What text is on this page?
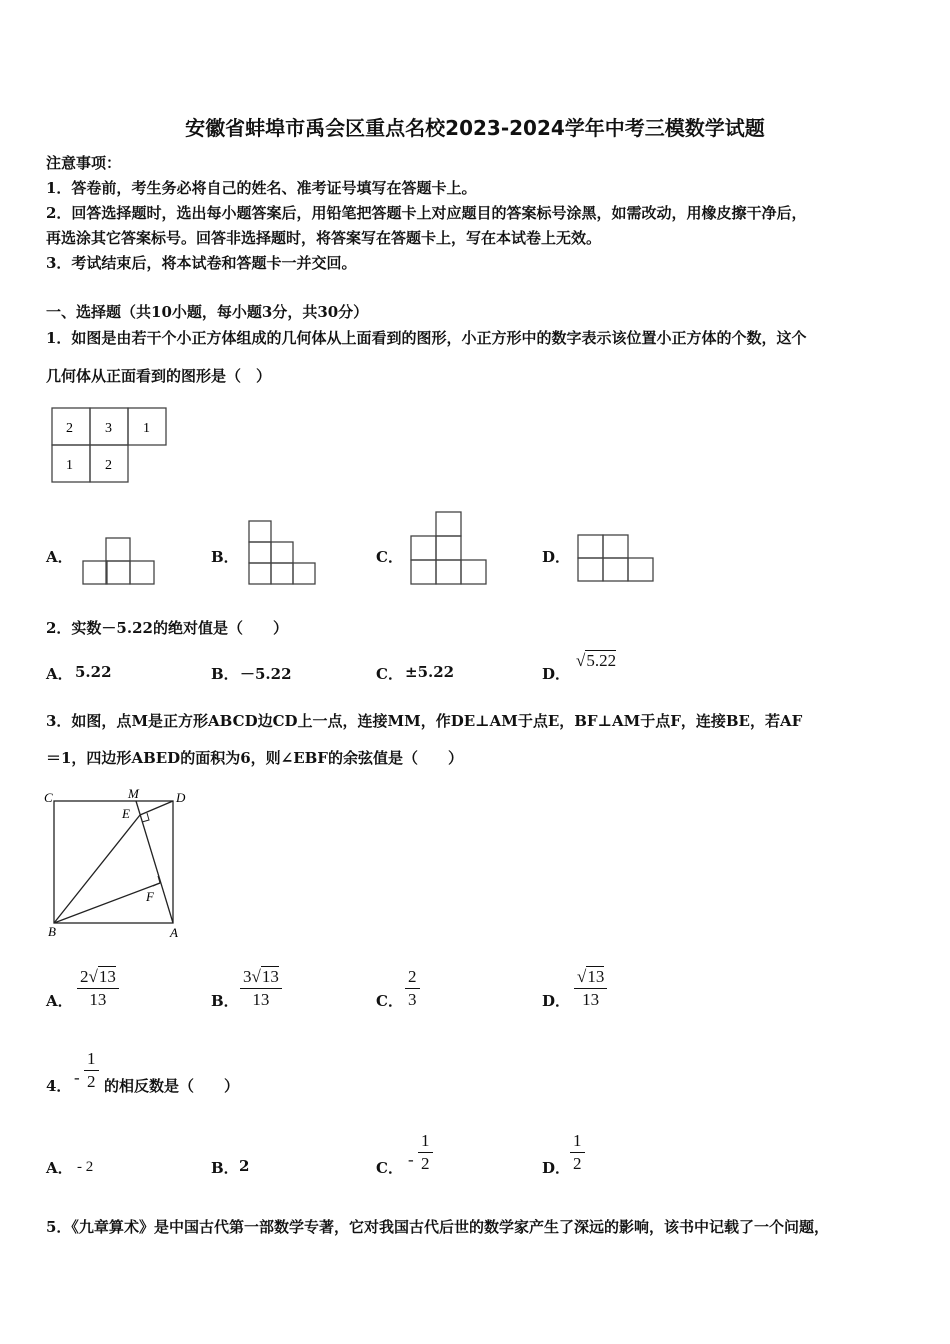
安徽省蚌埠市禹会区重点名校2023-2024学年中考三模数学试题
注意事项：
1．答卷前，考生务必将自己的姓名、准考证号填写在答题卡上。
2．回答选择题时，选出每小题答案后，用铅笔把答题卡上对应题目的答案标号涂黑，如需改动，用橡皮擦干净后，
再选涂其它答案标号。回答非选择题时，将答案写在答题卡上，写在本试卷上无效。
3．考试结束后，将本试卷和答题卡一并交回。
一、选择题（共10小题，每小题3分，共30分）
1．如图是由若干个小正方体组成的几何体从上面看到的图形，小正方形中的数字表示该位置小正方体的个数，这个
几何体从正面看到的图形是（　）
2 3 1
1 2
A．	B．	C．	D．
2．实数－5.22的绝对值是（　　）
A． 5.22	B． －5.22	C． ±5.22	D．
√5.22
3．如图，点M是正方形ABCD边CD上一点，连接MM，作DE⊥AM于点E，BF⊥AM于点F，连接BE，若AF
＝1，四边形ABED的面积为6，则∠EBF的余弦值是（　　）
C	M	D
E
F
B	A
A． $\frac{2√13}{13}$	B． $\frac{3√13}{13}$	C． $\frac{2}{3}$	D． $\frac{√13}{13}$
4． - $\frac{1}{2}$ 的相反数是（　　）
A． - 2	B． 2	C． - $\frac{1}{2}$	D． $\frac{1}{2}$
5．《九章算术》是中国古代第一部数学专著，它对我国古代后世的数学家产生了深远的影响，该书中记载了一个问题，
